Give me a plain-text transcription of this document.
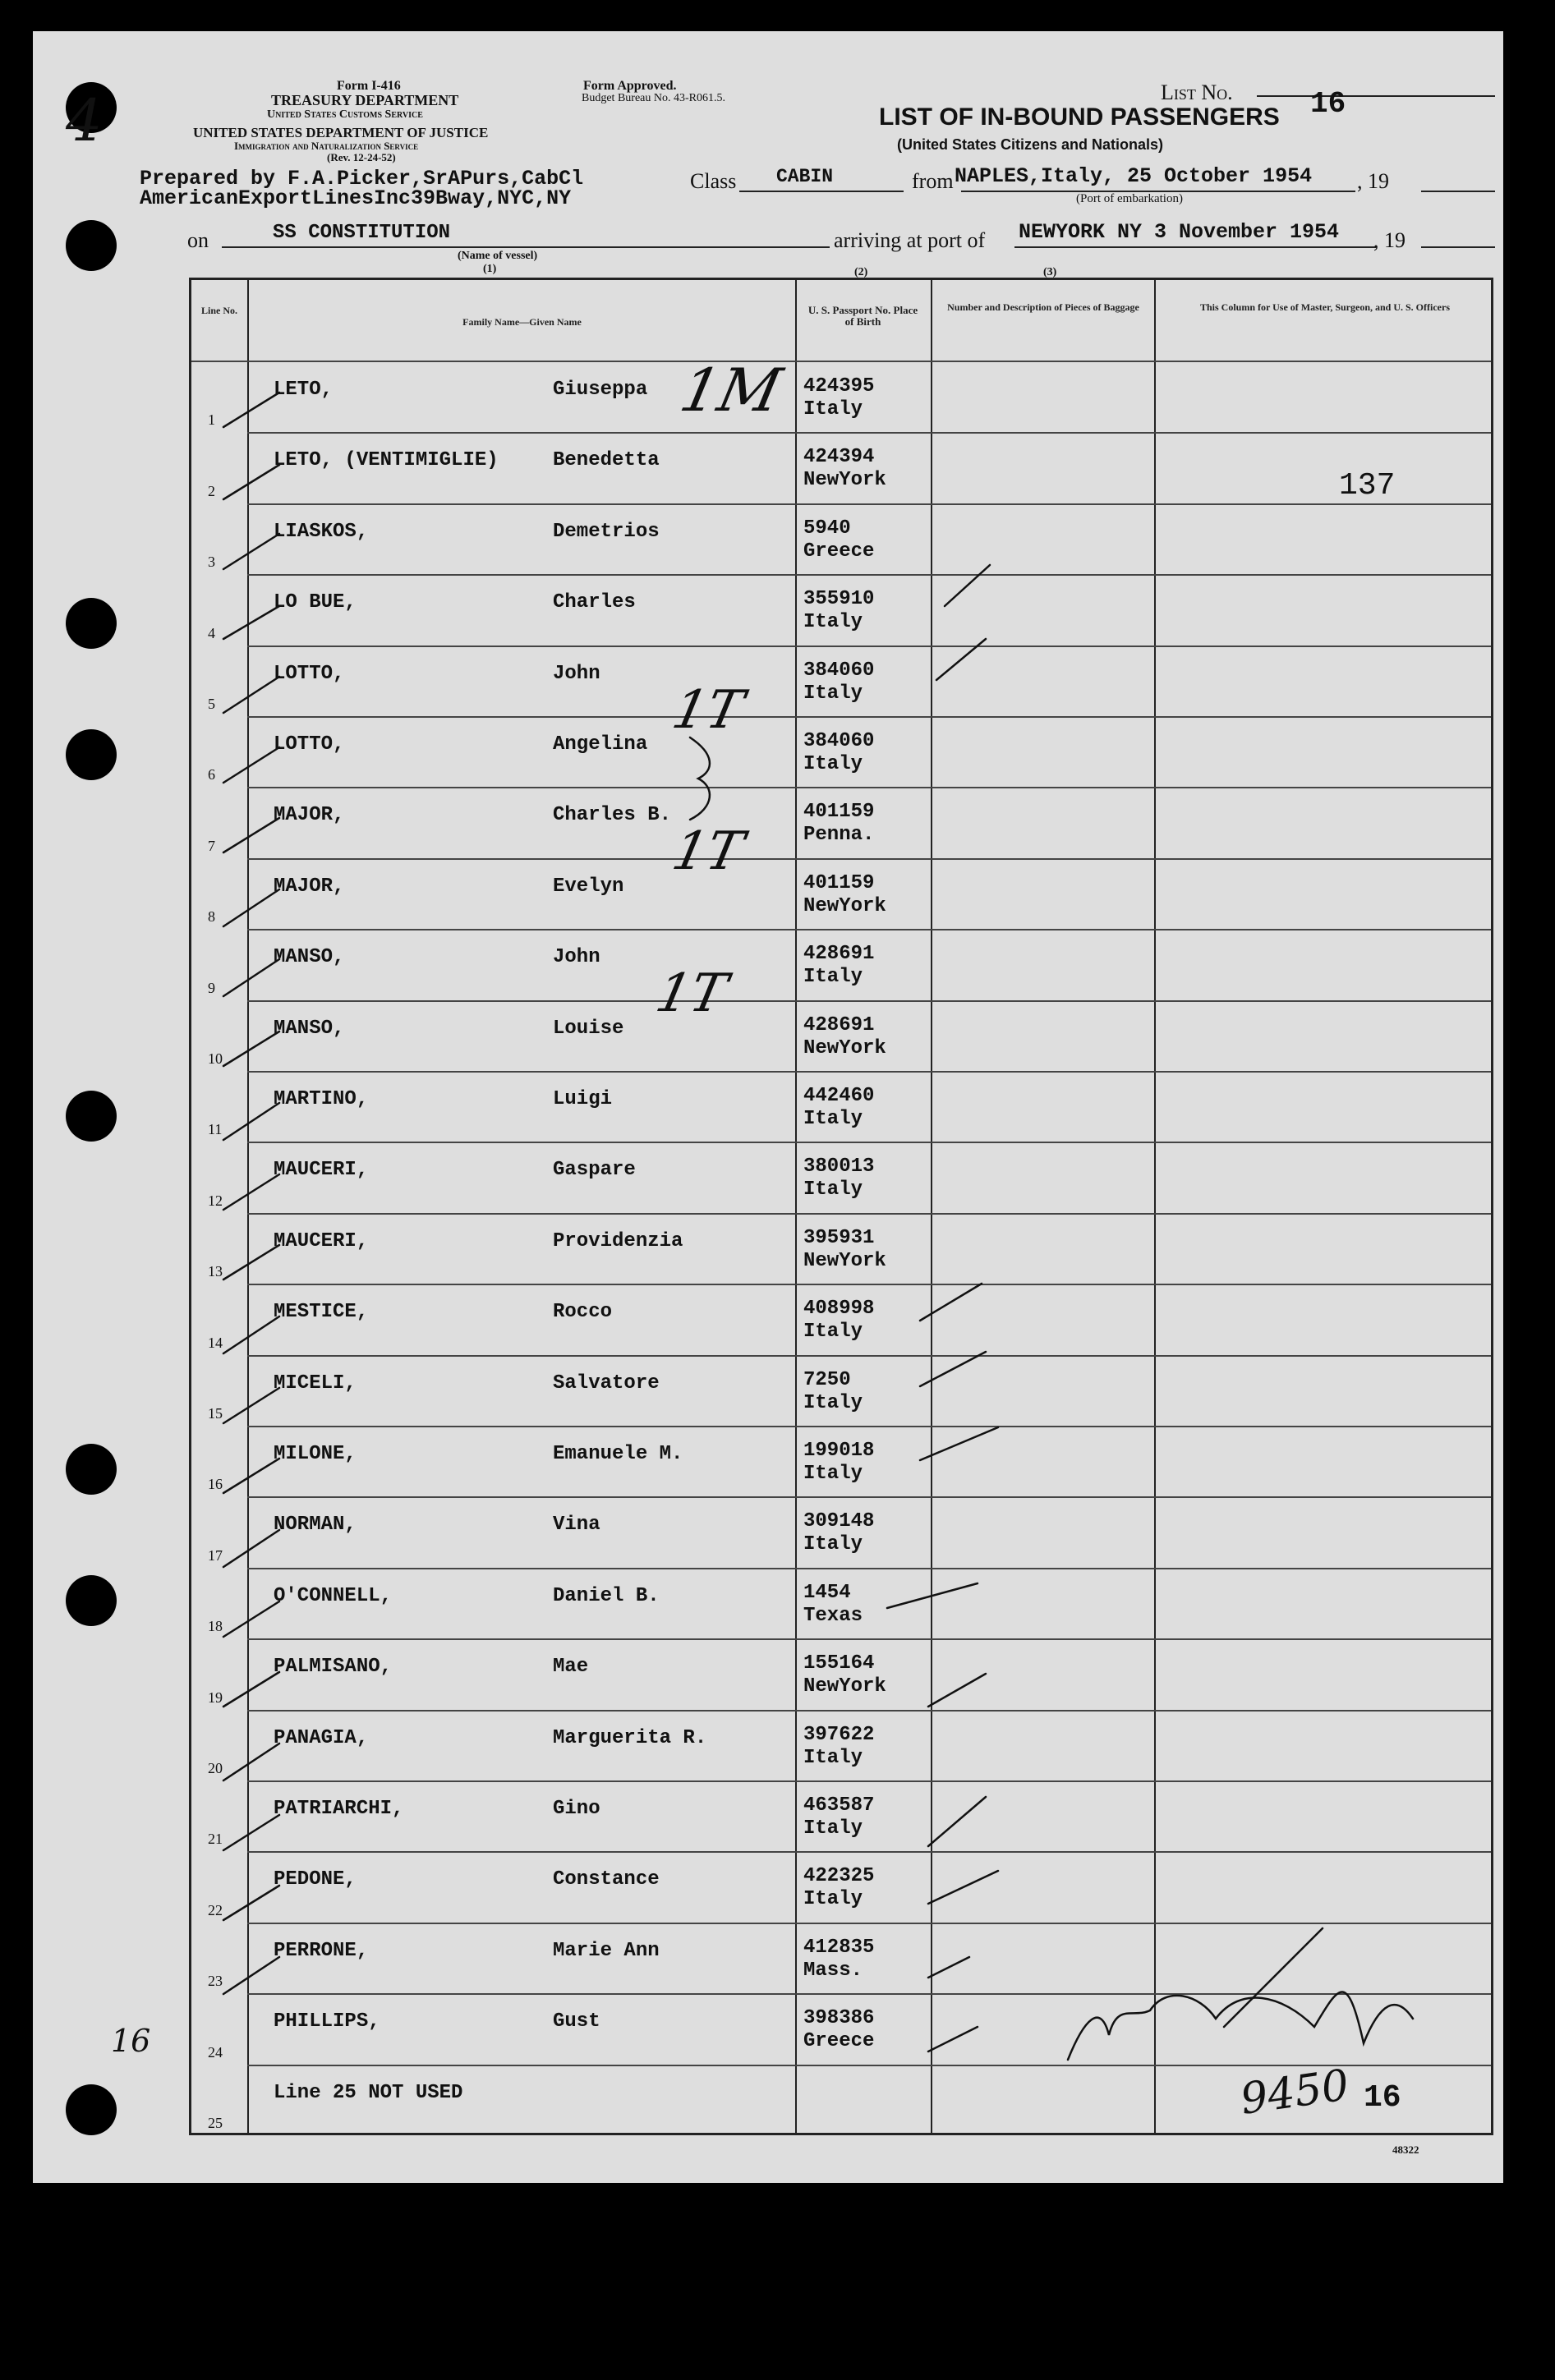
4
Form I-416
TREASURY DEPARTMENT
United States Customs Service
UNITED STATES DEPARTMENT OF JUSTICE
Immigration and Naturalization Service
(Rev. 12-24-52)
Form Approved.
Budget Bureau No. 43-R061.5.	List No.	16
LIST OF IN-BOUND PASSENGERS
(United States Citizens and Nationals)
Prepared by F.A.Picker,SrAPurs,CabCl
AmericanExportLinesInc39Bway,NYC,NY
Class CABIN	from NAPLES,Italy, 25 October 1954 , 19
(Port of embarkation)
on	SS CONSTITUTION
(Name of vessel)
arriving at port of NEWYORK NY 3 November 1954 , 19
(1)	(2)	(3)
Line No.
Family Name—Given Name
U. S. Passport No. Place of Birth
Number and Description of Pieces of Baggage	This Column for Use of Master, Surgeon, and U. S. Officers
1
LETO,	Giuseppa	424395
Italy
2
LETO, (VENTIMIGLIE)	Benedetta	424394
NewYork
3
LIASKOS,	Demetrios	5940
Greece
4
LO BUE,	Charles	355910
Italy
5
LOTTO,	John	384060
Italy
6
LOTTO,	Angelina	384060
Italy
7
MAJOR,	Charles B.	401159
Penna.
8
MAJOR,	Evelyn	401159
NewYork
9
MANSO,	John	428691
Italy
10
MANSO,	Louise	428691
NewYork
11
MARTINO,	Luigi	442460
Italy
12
MAUCERI,	Gaspare	380013
Italy
13
MAUCERI,	Providenzia	395931
NewYork
14
MESTICE,	Rocco	408998
Italy
15
MICELI,	Salvatore	7250
Italy
16
MILONE,	Emanuele M.	199018
Italy
17
NORMAN,	Vina	309148
Italy
18
O'CONNELL,	Daniel B.	1454
Texas
19
PALMISANO,	Mae	155164
NewYork
20
PANAGIA,	Marguerita R.	397622
Italy
21
PATRIARCHI,	Gino	463587
Italy
22
PEDONE,	Constance	422325
Italy
23
PERRONE,	Marie Ann	412835
Mass.
24
PHILLIPS,	Gust	398386
Greece
25
Line 25 NOT USED
137
16
16
9450
48322
1M
1T
1T
1T
